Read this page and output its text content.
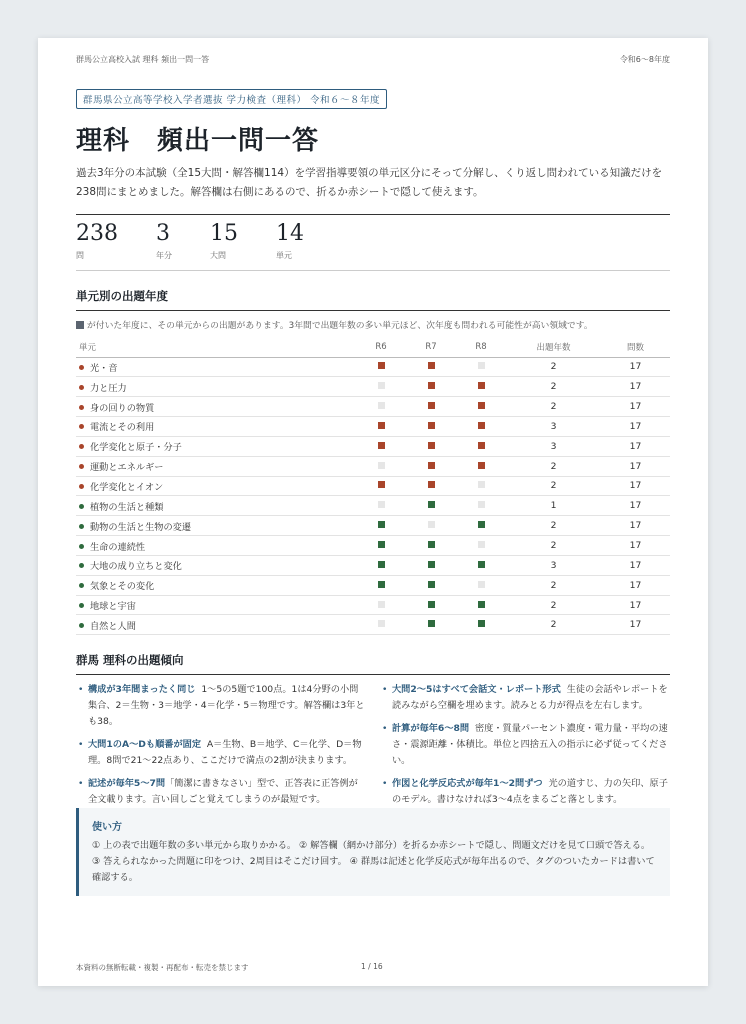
群馬公立高校入試 理科 頻出一問一答	令和6～8年度
群馬県公立高等学校入学者選抜 学力検査（理科） 令和６～８年度
理科　頻出一問一答

過去3年分の本試験（全15大問・解答欄114）を学習指導要領の単元区分にそって分解し、くり返し問われている知識だけを238問にまとめました。解答欄は右側にあるので、折るか赤シートで隠して使えます。

238
問
3
年分
15
大問
14
単元
単元別の出題年度
が付いた年度に、その単元からの出題があります。3年間で出題年数の多い単元ほど、次年度も問われる可能性が高い領域です。
単元	R6	R7	R8	出題年数	問数
光・音				2	17
力と圧力				2	17
身の回りの物質				2	17
電流とその利用				3	17
化学変化と原子・分子				3	17
運動とエネルギー				2	17
化学変化とイオン				2	17
植物の生活と種類				1	17
動物の生活と生物の変遷				2	17
生命の連続性				2	17
大地の成り立ちと変化				3	17
気象とその変化				2	17
地球と宇宙				2	17
自然と人間				2	17
群馬 理科の出題傾向
• 構成が3年間まったく同じ 1～5の5題で100点。1は4分野の小問集合、2＝生物・3＝地学・4＝化学・5＝物理です。解答欄は3年とも38。
• 大問1のA～Dも順番が固定 A＝生物、B＝地学、C＝化学、D＝物理。8問で21～22点あり、ここだけで満点の2割が決まります。
• 記述が毎年5～7問「簡潔に書きなさい」型で、正答表に正答例が全文載ります。言い回しごと覚えてしまうのが最短です。
• 大問2～5はすべて会話文・レポート形式 生徒の会話やレポートを読みながら空欄を埋めます。読みとる力が得点を左右します。
• 計算が毎年6～8問 密度・質量パーセント濃度・電力量・平均の速さ・震源距離・体積比。単位と四捨五入の指示に必ず従ってください。
• 作図と化学反応式が毎年1～2問ずつ 光の道すじ、力の矢印、原子のモデル。書けなければ3～4点をまるごと落とします。
使い方
① 上の表で出題年数の多い単元から取りかかる。 ② 解答欄（網かけ部分）を折るか赤シートで隠し、問題文だけを見て口頭で答える。 ③ 答えられなかった問題に印をつけ、2周目はそこだけ回す。 ④ 群馬は記述と化学反応式が毎年出るので、タグのついたカードは書いて確認する。
本資料の無断転載・複製・再配布・転売を禁じます	1 / 16
